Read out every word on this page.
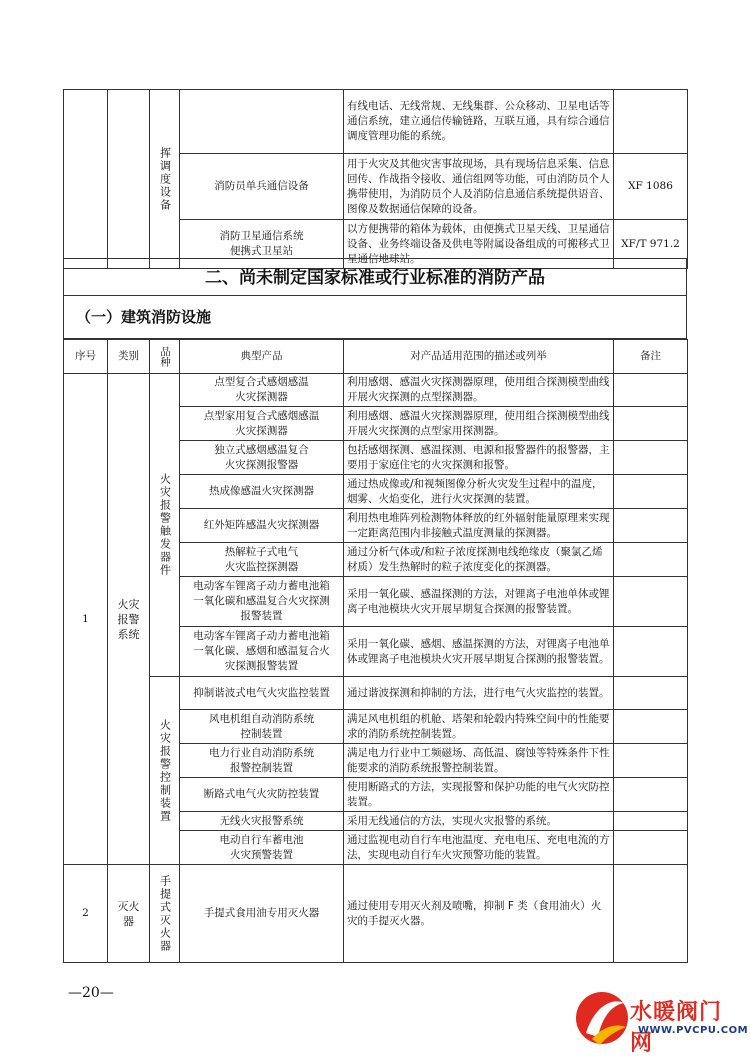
		挥调度设备		有线电话、无线常规、无线集群、公众移动、卫星电话等通信系统，建立通信传输链路，互联互通，具有综合通信调度管理功能的系统。	
			消防员单兵通信设备	用于火灾及其他灾害事故现场，具有现场信息采集、信息回传、作战指令接收、通信组网等功能，可由消防员个人携带使用，为消防员个人及消防信息通信系统提供语音、图像及数据通信保障的设备。	XF 1086
			消防卫星通信系统
便携式卫星站	以方便携带的箱体为载体，由便携式卫星天线、卫星通信设备、业务终端设备及供电等附属设备组成的可搬移式卫星通信地球站。	XF/T 971.2
二、尚未制定国家标准或行业标准的消防产品
（一）建筑消防设施
序号	类别	品种	典型产品	对产品适用范围的描述或列举	备注
1	火灾
报警
系统	火灾报警触发器件	点型复合式感烟感温
火灾探测器	利用感烟、感温火灾探测器原理，使用组合探测模型曲线开展火灾探测的点型探测器。	
			点型家用复合式感烟感温
火灾探测器	利用感烟、感温火灾探测器原理，使用组合探测模型曲线开展火灾探测的点型家用探测器。	
			独立式感烟感温复合
火灾探测报警器	包括感烟探测、感温探测、电源和报警器件的报警器，主要用于家庭住宅的火灾探测和报警。	
			热成像感温火灾探测器	通过热成像或/和视频图像分析火灾发生过程中的温度，烟雾、火焰变化，进行火灾探测的装置。	
			红外矩阵感温火灾探测器	利用热电堆阵列检测物体释放的红外辐射能量原理来实现一定距离范围内非接触式温度测量的探测器。	
			热解粒子式电气
火灾监控探测器	通过分析气体或/和粒子浓度探测电线绝缘皮（聚氯乙烯材质）发生热解时的粒子浓度变化的探测器。	
			电动客车锂离子动力蓄电池箱
一氧化碳和感温复合火灾探测
报警装置	采用一氧化碳、感温探测的方法，对锂离子电池单体或锂离子电池模块火灾开展早期复合探测的报警装置。	
			电动客车锂离子动力蓄电池箱
一氧化碳、感烟和感温复合火
灾探测报警装置	采用一氧化碳、感烟、感温探测的方法，对锂离子电池单体或锂离子电池模块火灾开展早期复合探测的报警装置。	
		火灾报警控制装置	抑制谐波式电气火灾监控装置	通过谐波探测和抑制的方法，进行电气火灾监控的装置。	
			风电机组自动消防系统
控制装置	满足风电机组的机舱、塔架和轮毂内特殊空间中的性能要求的消防系统控制装置。	
			电力行业自动消防系统
报警控制装置	满足电力行业中工频磁场、高低温、腐蚀等特殊条件下性能要求的消防系统报警控制装置。	
			断路式电气火灾防控装置	使用断路式的方法，实现报警和保护功能的电气火灾防控装置。	
			无线火灾报警系统	采用无线通信的方法，实现火灾报警的系统。	
			电动自行车蓄电池
火灾预警装置	通过监视电动自行车电池温度、充电电压、充电电流的方法，实现电动自行车火灾预警功能的装置。	
2	灭火
器	手提式灭火器	手提式食用油专用灭火器	通过使用专用灭火剂及喷嘴，抑制 F 类（食用油火）火灾的手提灭火器。	
—20—
水暖阀门网
WWW.PVCPU.COM
